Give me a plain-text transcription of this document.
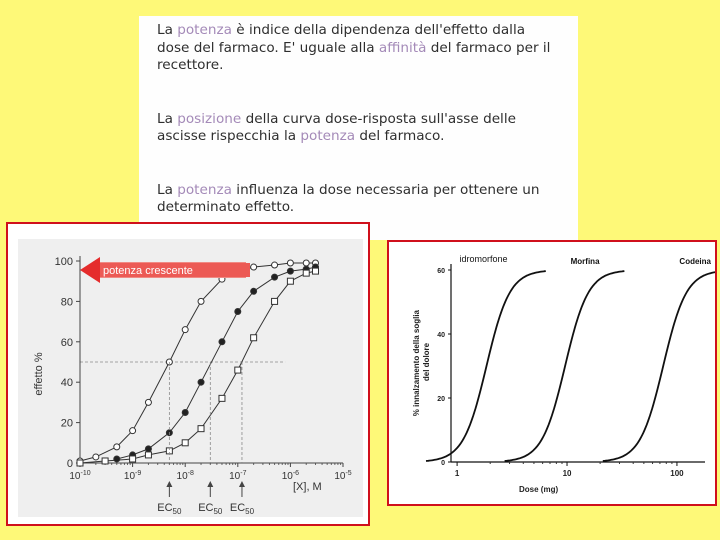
La potenza è indice della dipendenza dell'effetto dalla dose del farmaco. E' uguale alla affinità del farmaco per il recettore.

La posizione della curva dose-risposta sull'asse delle ascisse rispecchia la potenza del farmaco.

La potenza influenza la dose necessaria per ottenere un determinato effetto.

0
20
40
60
80
100
$10^{-10}$	$10^{-9}$	$10^{-8}$	$10^{-7}$	$10^{-6}$	$10^{-5}$
$EC_{50}$ $EC_{50}$ $EC_{50}$
potenza crescente
effetto %
[X], M
0
20
40
60
1	10	100
idromorfone	Morfina	Codeina
% innalzamento della soglia del dolore
Dose (mg)
